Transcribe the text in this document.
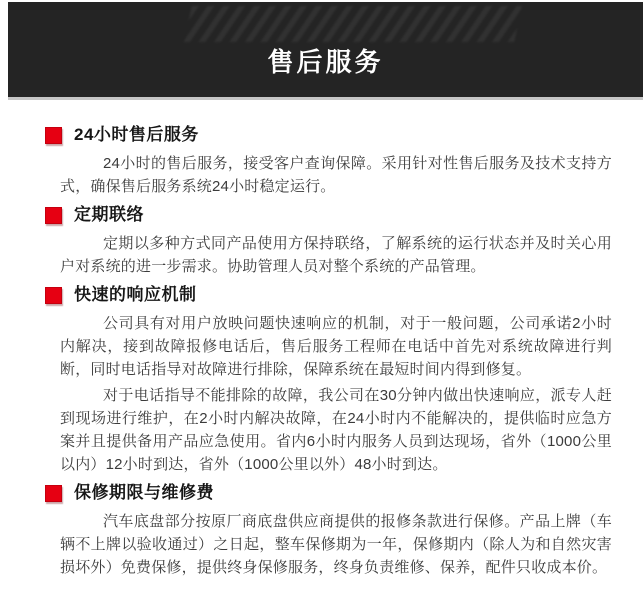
售后服务
24小时售后服务

24小时的售后服务，接受客户查询保障。采用针对性售后服务及技术支持方式，确保售后服务系统24小时稳定运行。

定期联络

定期以多种方式同产品使用方保持联络，了解系统的运行状态并及时关心用户对系统的进一步需求。协助管理人员对整个系统的产品管理。

快速的响应机制

公司具有对用户放映问题快速响应的机制，对于一般问题，公司承诺2小时内解决，接到故障报修电话后，售后服务工程师在电话中首先对系统故障进行判断，同时电话指导对故障进行排除，保障系统在最短时间内得到修复。

对于电话指导不能排除的故障，我公司在30分钟内做出快速响应，派专人赶到现场进行维护，在2小时内解决故障，在24小时内不能解决的，提供临时应急方案并且提供备用产品应急使用。省内6小时内服务人员到达现场，省外（1000公里以内）12小时到达，省外（1000公里以外）48小时到达。

保修期限与维修费

汽车底盘部分按原厂商底盘供应商提供的报修条款进行保修。产品上牌（车辆不上牌以验收通过）之日起，整车保修期为一年，保修期内（除人为和自然灾害损坏外）免费保修，提供终身保修服务，终身负责维修、保养，配件只收成本价。
